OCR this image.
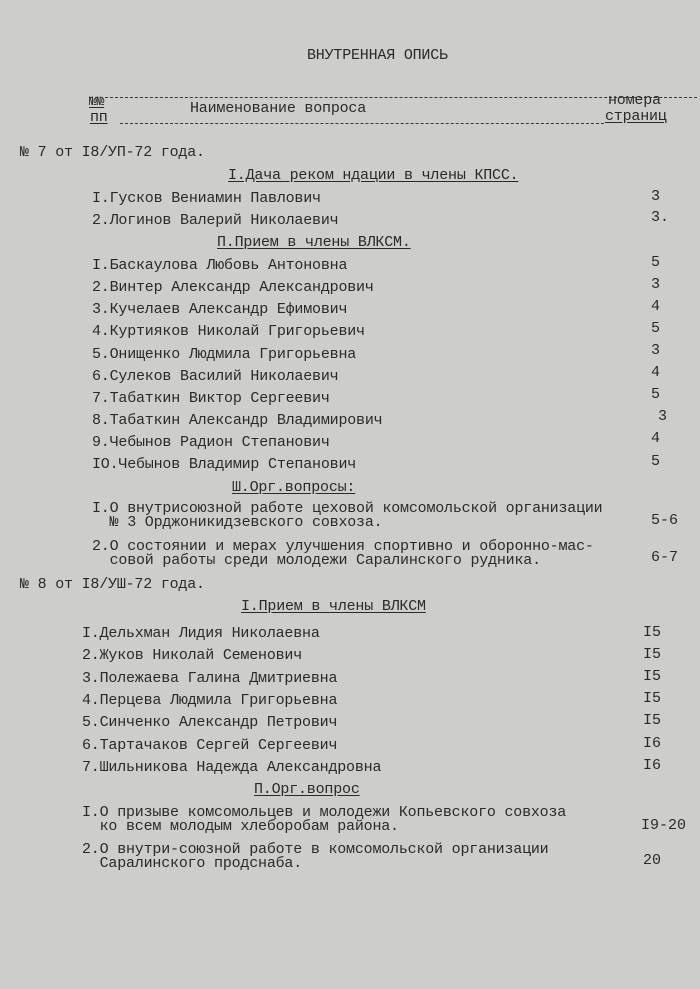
ВНУТРЕННАЯ ОПИСЬ
№№
пп
Наименование вопроса	номера
страниц
№ 7 от I8/УП-72 года.
I.Дача реком ндации в члены КПСС.
I.Гусков Вениамин Павлович	3
2.Логинов Валерий Николаевич	3.
П.Прием в члены ВЛКСМ.
I.Баскаулова Любовь Антоновна	5
2.Винтер Александр Александрович	3
3.Кучелаев Александр Ефимович	4
4.Куртияков Николай Григорьевич	5
5.Онищенко Людмила Григорьевна	3
6.Сулеков Василий Николаевич	4
7.Табаткин Виктор Сергеевич	5
8.Табаткин Александр Владимирович	3
9.Чебынов Радион Степанович	4
IO.Чебынов Владимир Степанович	5
Ш.Орг.вопросы:
I.О внутрисоюзной работе цеховой комсомольской организации
№ 3 Орджоникидзевского совхоза.	5-6
2.О состоянии и мерах улучшения спортивно и оборонно-мас-
совой работы среди молодежи Саралинского рудника.	6-7
№ 8 от I8/УШ-72 года.
I.Прием в члены ВЛКСМ
I.Дельхман Лидия Николаевна	I5
2.Жуков Николай Семенович	I5
3.Полежаева Галина Дмитриевна	I5
4.Перцева Людмила Григорьевна	I5
5.Синченко Александр Петрович	I5
6.Тартачаков Сергей Сергеевич	I6
7.Шильникова Надежда Александровна	I6
П.Орг.вопрос
I.О призыве комсомольцев и молодежи Копьевского совхоза
ко всем молодым хлеборобам района.	I9-20
2.О внутри-союзной работе в комсомольской организации
Саралинского продснаба.	20
